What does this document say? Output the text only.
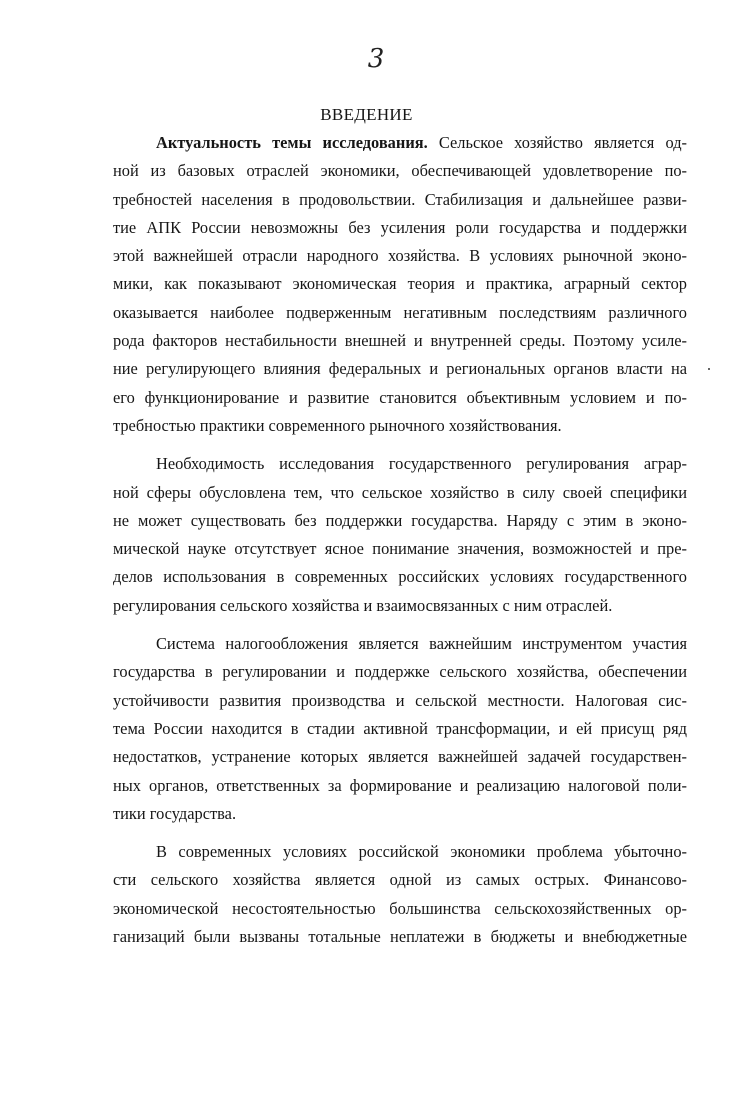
3
ВВЕДЕНИЕ
Актуальность темы исследования. Сельское хозяйство является од-
ной из базовых отраслей экономики, обеспечивающей удовлетворение по-
требностей населения в продовольствии. Стабилизация и дальнейшее разви-
тие АПК России невозможны без усиления роли государства и поддержки
этой важнейшей отрасли народного хозяйства. В условиях рыночной эконо-
мики, как показывают экономическая теория и практика, аграрный сектор
оказывается наиболее подверженным негативным последствиям различного
рода факторов нестабильности внешней и внутренней среды. Поэтому усиле-
ние регулирующего влияния федеральных и региональных органов власти на
его функционирование и развитие становится объективным условием и по-
требностью практики современного рыночного хозяйствования.
Необходимость исследования государственного регулирования аграр-
ной сферы обусловлена тем, что сельское хозяйство в силу своей специфики
не может существовать без поддержки государства. Наряду с этим в эконо-
мической науке отсутствует ясное понимание значения, возможностей и пре-
делов использования в современных российских условиях государственного
регулирования сельского хозяйства и взаимосвязанных с ним отраслей.
Система налогообложения является важнейшим инструментом участия
государства в регулировании и поддержке сельского хозяйства, обеспечении
устойчивости развития производства и сельской местности. Налоговая сис-
тема России находится в стадии активной трансформации, и ей присущ ряд
недостатков, устранение которых является важнейшей задачей государствен-
ных органов, ответственных за формирование и реализацию налоговой поли-
тики государства.
В современных условиях российской экономики проблема убыточно-
сти сельского хозяйства является одной из самых острых. Финансово-
экономической несостоятельностью большинства сельскохозяйственных ор-
ганизаций были вызваны тотальные неплатежи в бюджеты и внебюджетные
